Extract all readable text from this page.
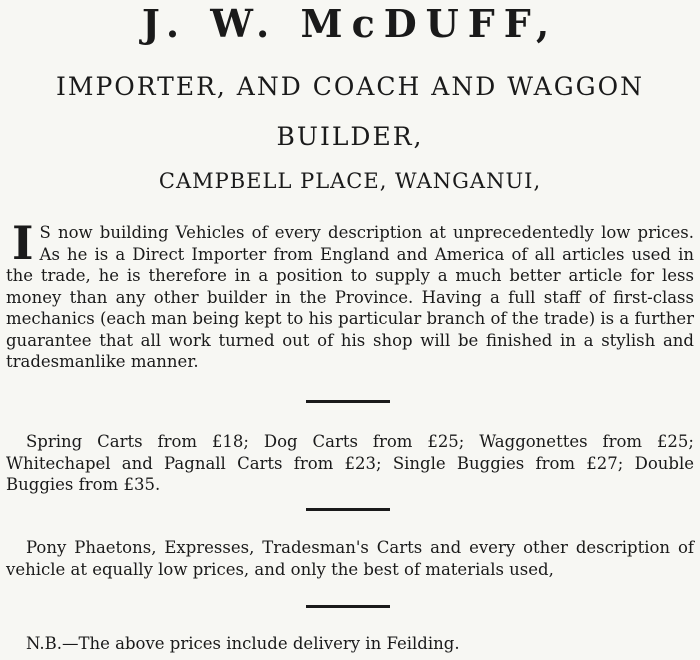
J. W. McDUFF,
IMPORTER, AND COACH AND WAGGON
BUILDER,
CAMPBELL PLACE, WANGANUI,
I S now building Vehicles of every description at unprecedentedly low prices. As he is a Direct Importer from England and America of all articles used in the trade, he is therefore in a position to supply a much better article for less money than any other builder in the Province. Having a full staff of first-class mechanics (each man being kept to his particular branch of the trade) is a further guarantee that all work turned out of his shop will be finished in a stylish and tradesmanlike manner.
Spring Carts from £18; Dog Carts from £25; Waggonettes from £25; Whitechapel and Pagnall Carts from £23; Single Buggies from £27; Double Buggies from £35.
Pony Phaetons, Expresses, Tradesman's Carts and every other description of vehicle at equally low prices, and only the best of materials used,
N.B.—The above prices include delivery in Feilding.
